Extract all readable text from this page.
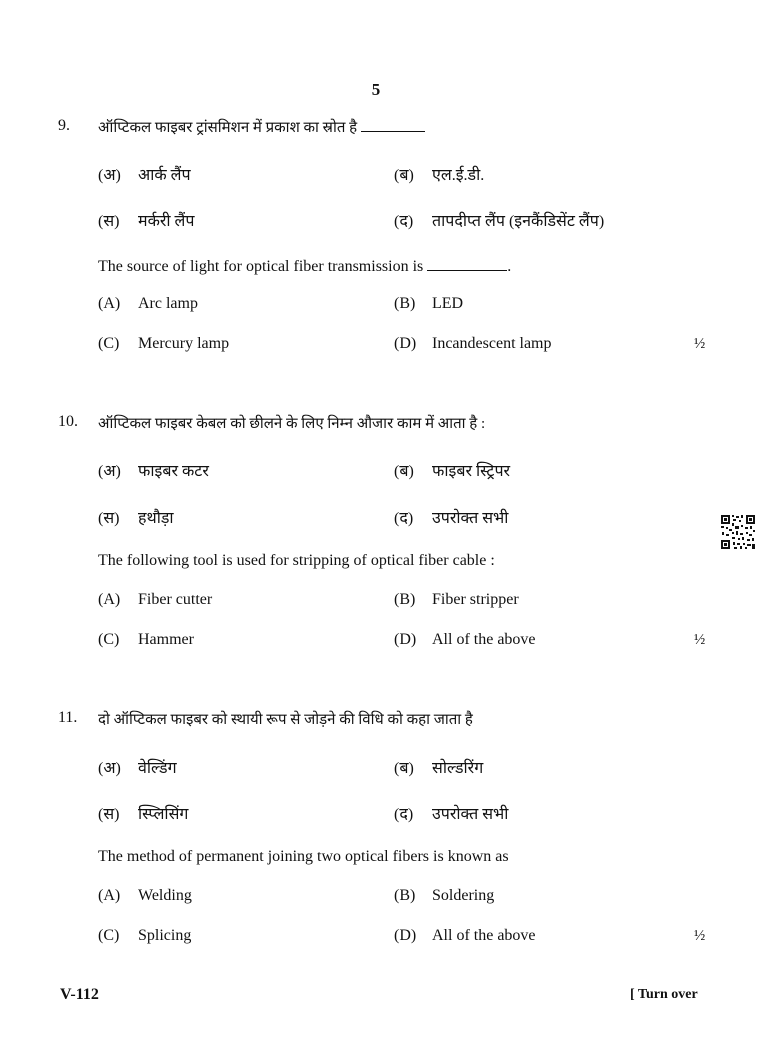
5
9. ऑप्टिकल फाइबर ट्रांसमिशन में प्रकाश का स्रोत है
(अ) आर्क लैंप	(ब) एल.ई.डी.
(स) मर्करी लैंप	(द) तापदीप्त लैंप (इनकैंडिसेंट लैंप)
The source of light for optical fiber transmission is	.
(A) Arc lamp	(B) LED
(C) Mercury lamp	(D) Incandescent lamp	½
10. ऑप्टिकल फाइबर केबल को छीलने के लिए निम्न औजार काम में आता है :
(अ) फाइबर कटर	(ब) फाइबर स्ट्रिपर
(स) हथौड़ा	(द) उपरोक्त सभी
The following tool is used for stripping of optical fiber cable :
(A) Fiber cutter	(B) Fiber stripper
(C) Hammer	(D) All of the above	½
11. दो ऑप्टिकल फाइबर को स्थायी रूप से जोड़ने की विधि को कहा जाता है
(अ) वेल्डिंग	(ब) सोल्डरिंग
(स) स्प्लिसिंग	(द) उपरोक्त सभी
The method of permanent joining two optical fibers is known as
(A) Welding	(B) Soldering
(C) Splicing	(D) All of the above	½
V-112	[ Turn over
